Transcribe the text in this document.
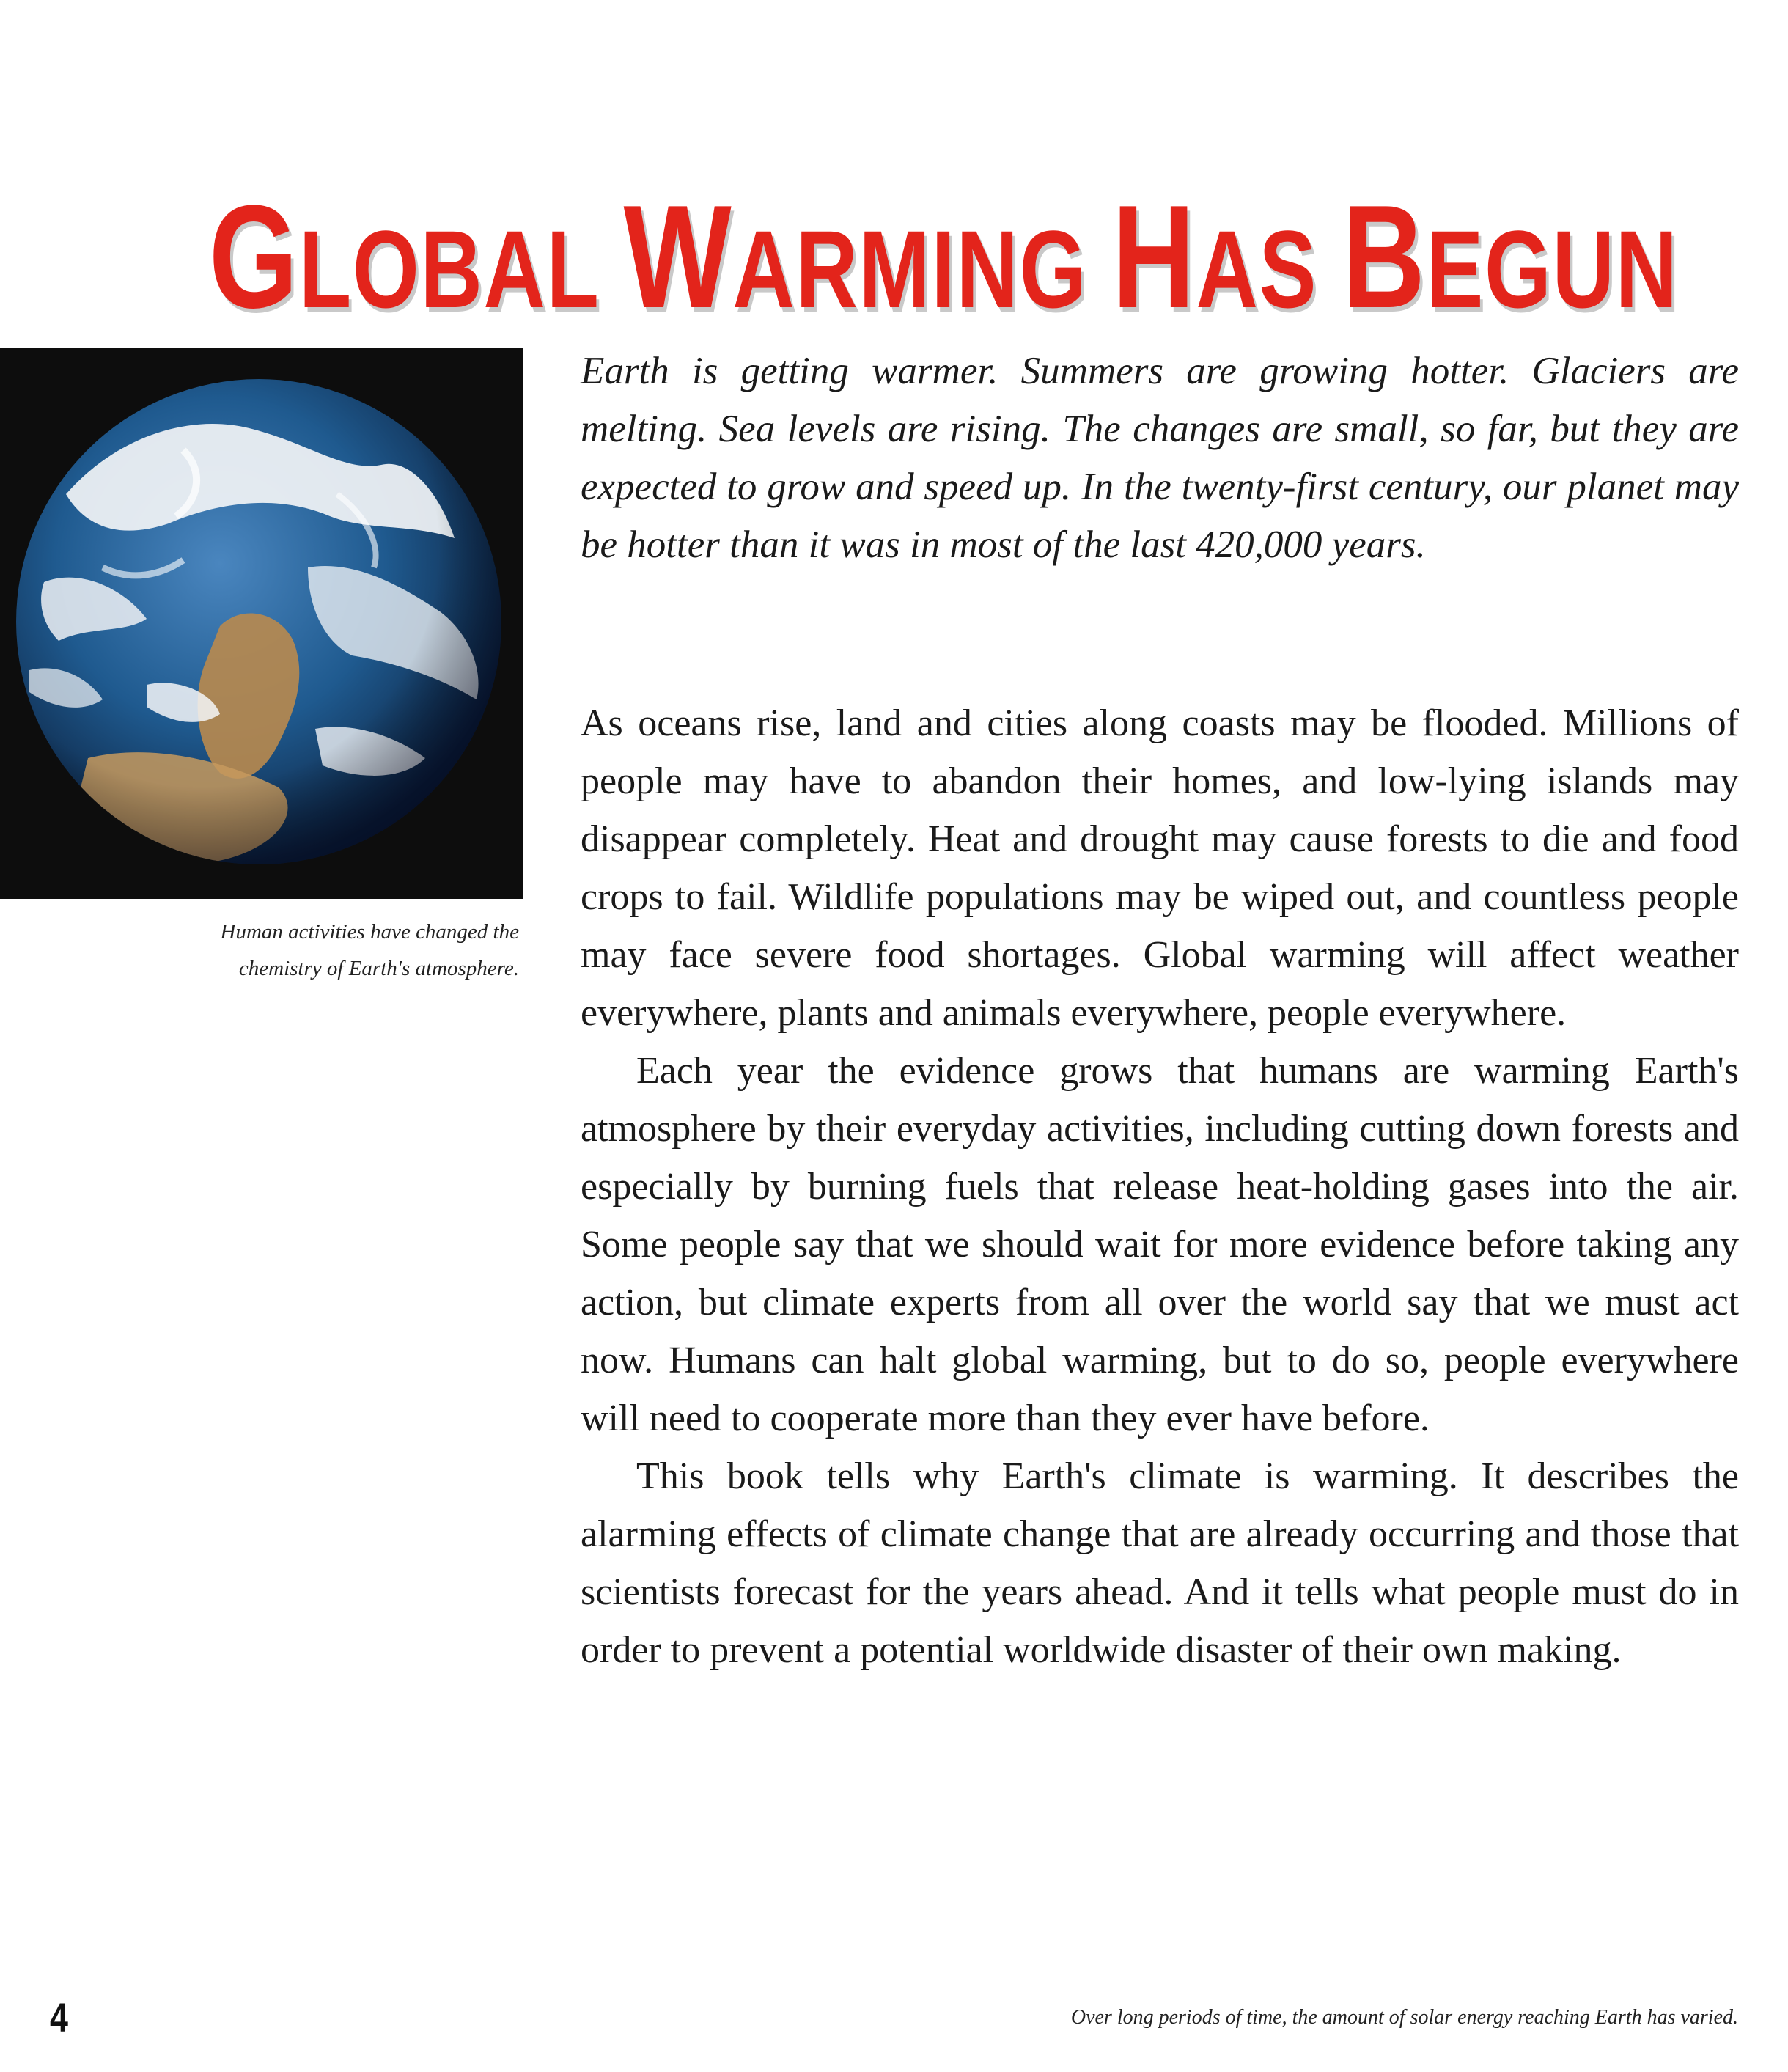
GLOBAL WARMING HAS BEGUN
Human activities have changed the
chemistry of Earth's atmosphere.
Earth is getting warmer. Summers are growing hotter. Glaciers are melting. Sea levels are rising. The changes are small, so far, but they are expected to grow and speed up. In the twenty-first century, our planet may be hotter than it was in most of the last 420,000 years.

As oceans rise, land and cities along coasts may be flooded. Millions of people may have to abandon their homes, and low-lying islands may disappear completely. Heat and drought may cause forests to die and food crops to fail. Wildlife populations may be wiped out, and countless people may face severe food shortages. Global warming will affect weather everywhere, plants and animals everywhere, people everywhere.

Each year the evidence grows that humans are warming Earth's atmosphere by their everyday activities, including cutting down forests and especially by burning fuels that release heat-holding gases into the air. Some people say that we should wait for more evidence before taking any action, but climate experts from all over the world say that we must act now. Humans can halt global warming, but to do so, people everywhere will need to cooperate more than they ever have before.

This book tells why Earth's climate is warming. It describes the alarming effects of climate change that are already occurring and those that scientists forecast for the years ahead. And it tells what people must do in order to prevent a potential worldwide disaster of their own making.

4	Over long periods of time, the amount of solar energy reaching Earth has varied.
